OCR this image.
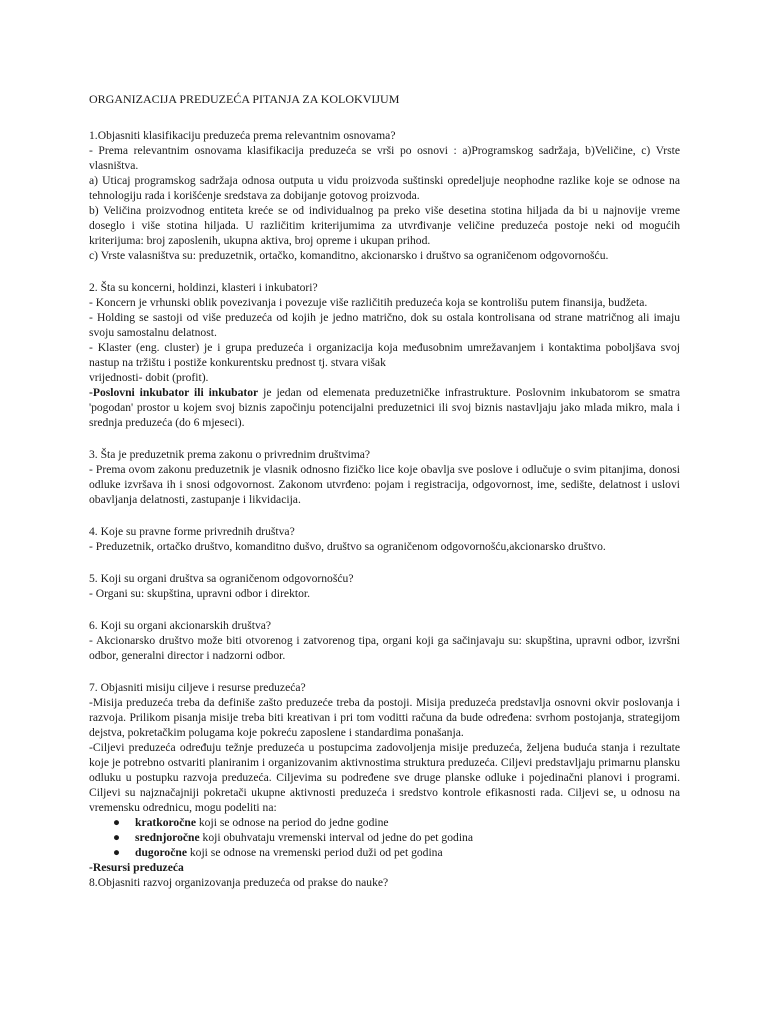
ORGANIZACIJA PREDUZEĆA PITANJA ZA KOLOKVIJUM

1.Objasniti klasifikaciju preduzeća prema relevantnim osnovama?

- Prema relevantnim osnovama klasifikacija preduzeća se vrši po osnovi : a)Programskog sadržaja, b)Veličine, c) Vrste vlasništva.

a) Uticaj programskog sadržaja odnosa outputa u vidu proizvoda suštinski opredeljuje neophodne razlike koje se odnose na tehnologiju rada i korišćenje sredstava za dobijanje gotovog proizvoda.

b) Veličina proizvodnog entiteta kreće se od individualnog pa preko više desetina stotina hiljada da bi u najnovije vreme doseglo i više stotina hiljada. U različitim kriterijumima za utvrđivanje veličine preduzeća postoje neki od mogućih kriterijuma: broj zaposlenih, ukupna aktiva, broj opreme i ukupan prihod.

c) Vrste valasništva su: preduzetnik, ortačko, komanditno, akcionarsko i društvo sa ograničenom odgovornošću.

2. Šta su koncerni, holdinzi, klasteri i inkubatori?

- Koncern je vrhunski oblik povezivanja i povezuje više različitih preduzeća koja se kontrolišu putem finansija, budžeta.

- Holding se sastoji od više preduzeća od kojih je jedno matrično, dok su ostala kontrolisana od strane matričnog ali imaju svoju samostalnu delatnost.

- Klaster (eng. cluster) je i grupa preduzeća i organizacija koja međusobnim umrežavanjem i kontaktima poboljšava svoj nastup na tržištu i postiže konkurentsku prednost tj. stvara višak

vrijednosti- dobit (profit).

-Poslovni inkubator ili inkubator je jedan od elemenata preduzetničke infrastrukture. Poslovnim inkubatorom se smatra 'pogodan' prostor u kojem svoj biznis započinju potencijalni preduzetnici ili svoj biznis nastavljaju jako mlada mikro, mala i srednja preduzeća (do 6 mjeseci).

3. Šta je preduzetnik prema zakonu o privrednim društvima?

- Prema ovom zakonu preduzetnik je vlasnik odnosno fizičko lice koje obavlja sve poslove i odlučuje o svim pitanjima, donosi odluke izvršava ih i snosi odgovornost. Zakonom utvrđeno: pojam i registracija, odgovornost, ime, sedište, delatnost i uslovi obavljanja delatnosti, zastupanje i likvidacija.

4. Koje su pravne forme privrednih društva?

- Preduzetnik, ortačko društvo, komanditno dušvo, društvo sa ograničenom odgovornošću,akcionarsko društvo.

5. Koji su organi društva sa ograničenom odgovornošću?

- Organi su: skupština, upravni odbor i direktor.

6. Koji su organi akcionarskih društva?

- Akcionarsko društvo može biti otvorenog i zatvorenog tipa, organi koji ga sačinjavaju su: skupština, upravni odbor, izvršni odbor, generalni director i nadzorni odbor.

7. Objasniti misiju ciljeve i resurse preduzeća?

-Misija preduzeća treba da definiše zašto preduzeće treba da postoji. Misija preduzeća predstavlja osnovni okvir poslovanja i razvoja. Prilikom pisanja misije treba biti kreativan i pri tom voditti računa da bude određena: svrhom postojanja, strategijom dejstva, pokretačkim polugama koje pokreću zaposlene i standardima ponašanja.

-Ciljevi preduzeća određuju težnje preduzeća u postupcima zadovoljenja misije preduzeća, željena buduća stanja i rezultate koje je potrebno ostvariti planiranim i organizovanim aktivnostima struktura preduzeća. Ciljevi predstavljaju primarnu plansku odluku u postupku razvoja preduzeća. Ciljevima su podređene sve druge planske odluke i pojedinačni planovi i programi. Ciljevi su najznačajniji pokretači ukupne aktivnosti preduzeća i sredstvo kontrole efikasnosti rada. Ciljevi se, u odnosu na vremensku odrednicu, mogu podeliti na:

● kratkoročne koji se odnose na period do jedne godine
● srednjoročne koji obuhvataju vremenski interval od jedne do pet godina
● dugoročne koji se odnose na vremenski period duži od pet godina

-Resursi preduzeća

8.Objasniti razvoj organizovanja preduzeća od prakse do nauke?
